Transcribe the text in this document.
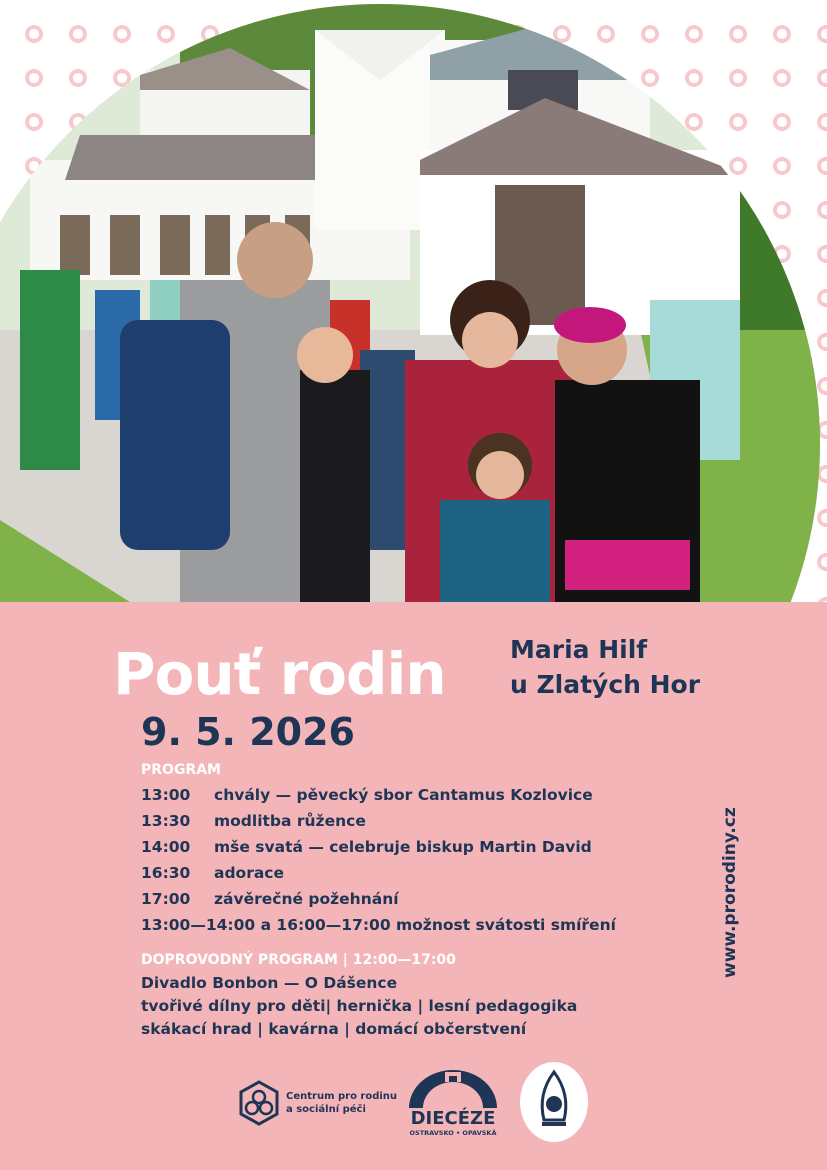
Pouť rodin	Maria Hilf
u Zlatých Hor
9. 5. 2026
PROGRAM
13:00	chvály — pěvecký sbor Cantamus Kozlovice
13:30	modlitba růžence
14:00	mše svatá — celebruje biskup Martin David
16:30	adorace
17:00	závěrečné požehnání
13:00—14:00 a 16:00—17:00 možnost svátosti smíření
DOPROVODNÝ PROGRAM | 12:00—17:00
Divadlo Bonbon — O Dášence
tvořivé dílny pro děti| hernička | lesní pedagogika
skákací hrad | kavárna | domácí občerstvení
www.prorodiny.cz
Centrum pro rodinu
a sociální péči	DIECÉZE
OSTRAVSKO • OPAVSKÁ
